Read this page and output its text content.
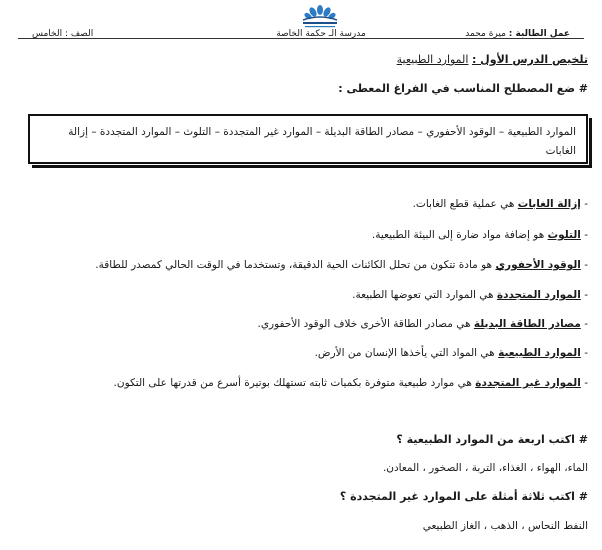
عمل الطالبة : ميرة محمد
مدرسة الـ حكمة الخاصة
الصف : الخامس
تلخيص الدرس الأول : الموارد الطبيعية
# ضع المصطلح المناسب في الفراغ المعطى :
الموارد الطبيعية – الوقود الأحفوري – مصادر الطاقة البديلة – الموارد غير المتجددة – التلوث – الموارد المتجددة – إزالة الغابات
- إزالة الغابات هي عملية قطع الغابات.
- التلوث هو إضافة مواد ضارة إلى البيئة الطبيعية.
- الوقود الأحفوري هو مادة تتكون من تحلل الكائنات الحية الدقيقة، وتستخدما في الوقت الحالي كمصدر للطاقة.
- الموارد المتجددة هي الموارد التي تعوضها الطبيعة.
- مصادر الطاقة البديلة هي مصادر الطاقة الأخرى خلاف الوقود الأحفوري.
- الموارد الطبيعية هي المواد التي يأخذها الإنسان من الأرض.
- الموارد غير المتجددة هي موارد طبيعية متوفرة بكميات ثابته تستهلك بوتيرة أسرع من قدرتها على التكون.
# اكتب اربعة من الموارد الطبيعية ؟
الماء، الهواء ، الغذاء، التربة ، الصخور ، المعادن.
# اكتب ثلاثة أمثلة على الموارد غير المتجددة ؟
النفط النحاس ، الذهب ، الغاز الطبيعي
